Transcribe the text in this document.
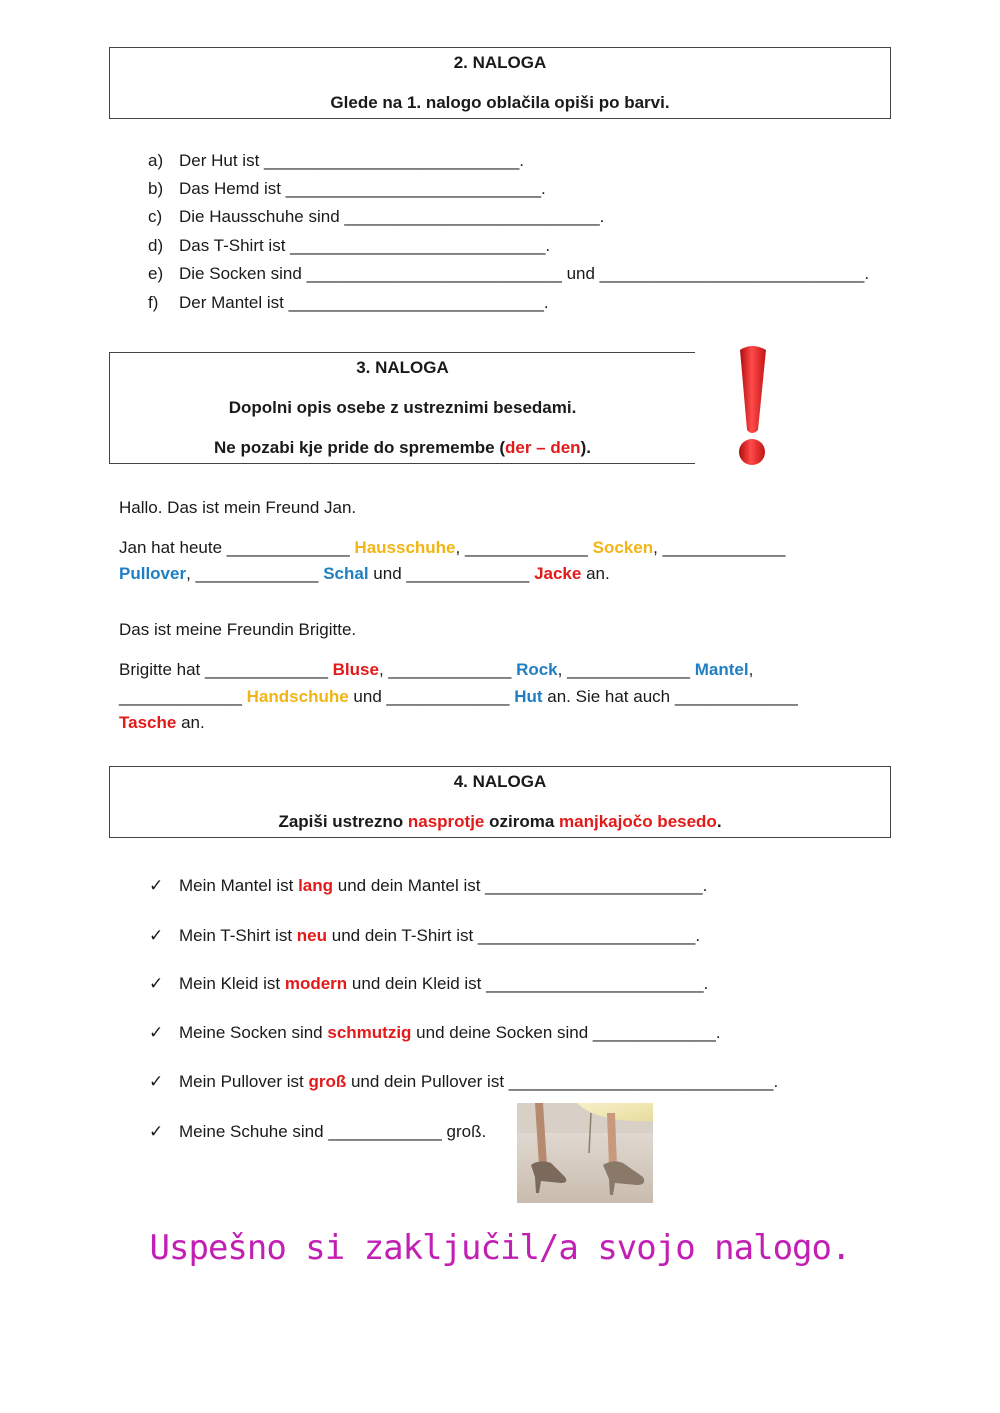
2. NALOGA
Glede na 1. nalogo oblačila opiši po barvi.
a) Der Hut ist ___________________________.
b) Das Hemd ist ___________________________.
c) Die Hausschuhe sind ___________________________.
d) Das T-Shirt ist ___________________________.
e) Die Socken sind ___________________________ und ____________________________.
f) Der Mantel ist ___________________________.
3. NALOGA
Dopolni opis osebe z ustreznimi besedami.
Ne pozabi kje pride do spremembe (der – den).
Hallo. Das ist mein Freund Jan.
Jan hat heute _____________ Hausschuhe, _____________ Socken, _____________
Pullover, _____________ Schal und _____________ Jacke an.
Das ist meine Freundin Brigitte.
Brigitte hat _____________ Bluse, _____________ Rock, _____________ Mantel,
_____________ Handschuhe und _____________ Hut an. Sie hat auch _____________
Tasche an.
4. NALOGA
Zapiši ustrezno nasprotje oziroma manjkajočo besedo.
✓ Mein Mantel ist lang und dein Mantel ist _______________________.
✓ Mein T-Shirt ist neu und dein T-Shirt ist _______________________.
✓ Mein Kleid ist modern und dein Kleid ist _______________________.
✓ Meine Socken sind schmutzig und deine Socken sind _____________.
✓ Mein Pullover ist groß und dein Pullover ist ____________________________.
✓ Meine Schuhe sind ____________ groß.
Uspešno si zaključil/a svojo nalogo.
